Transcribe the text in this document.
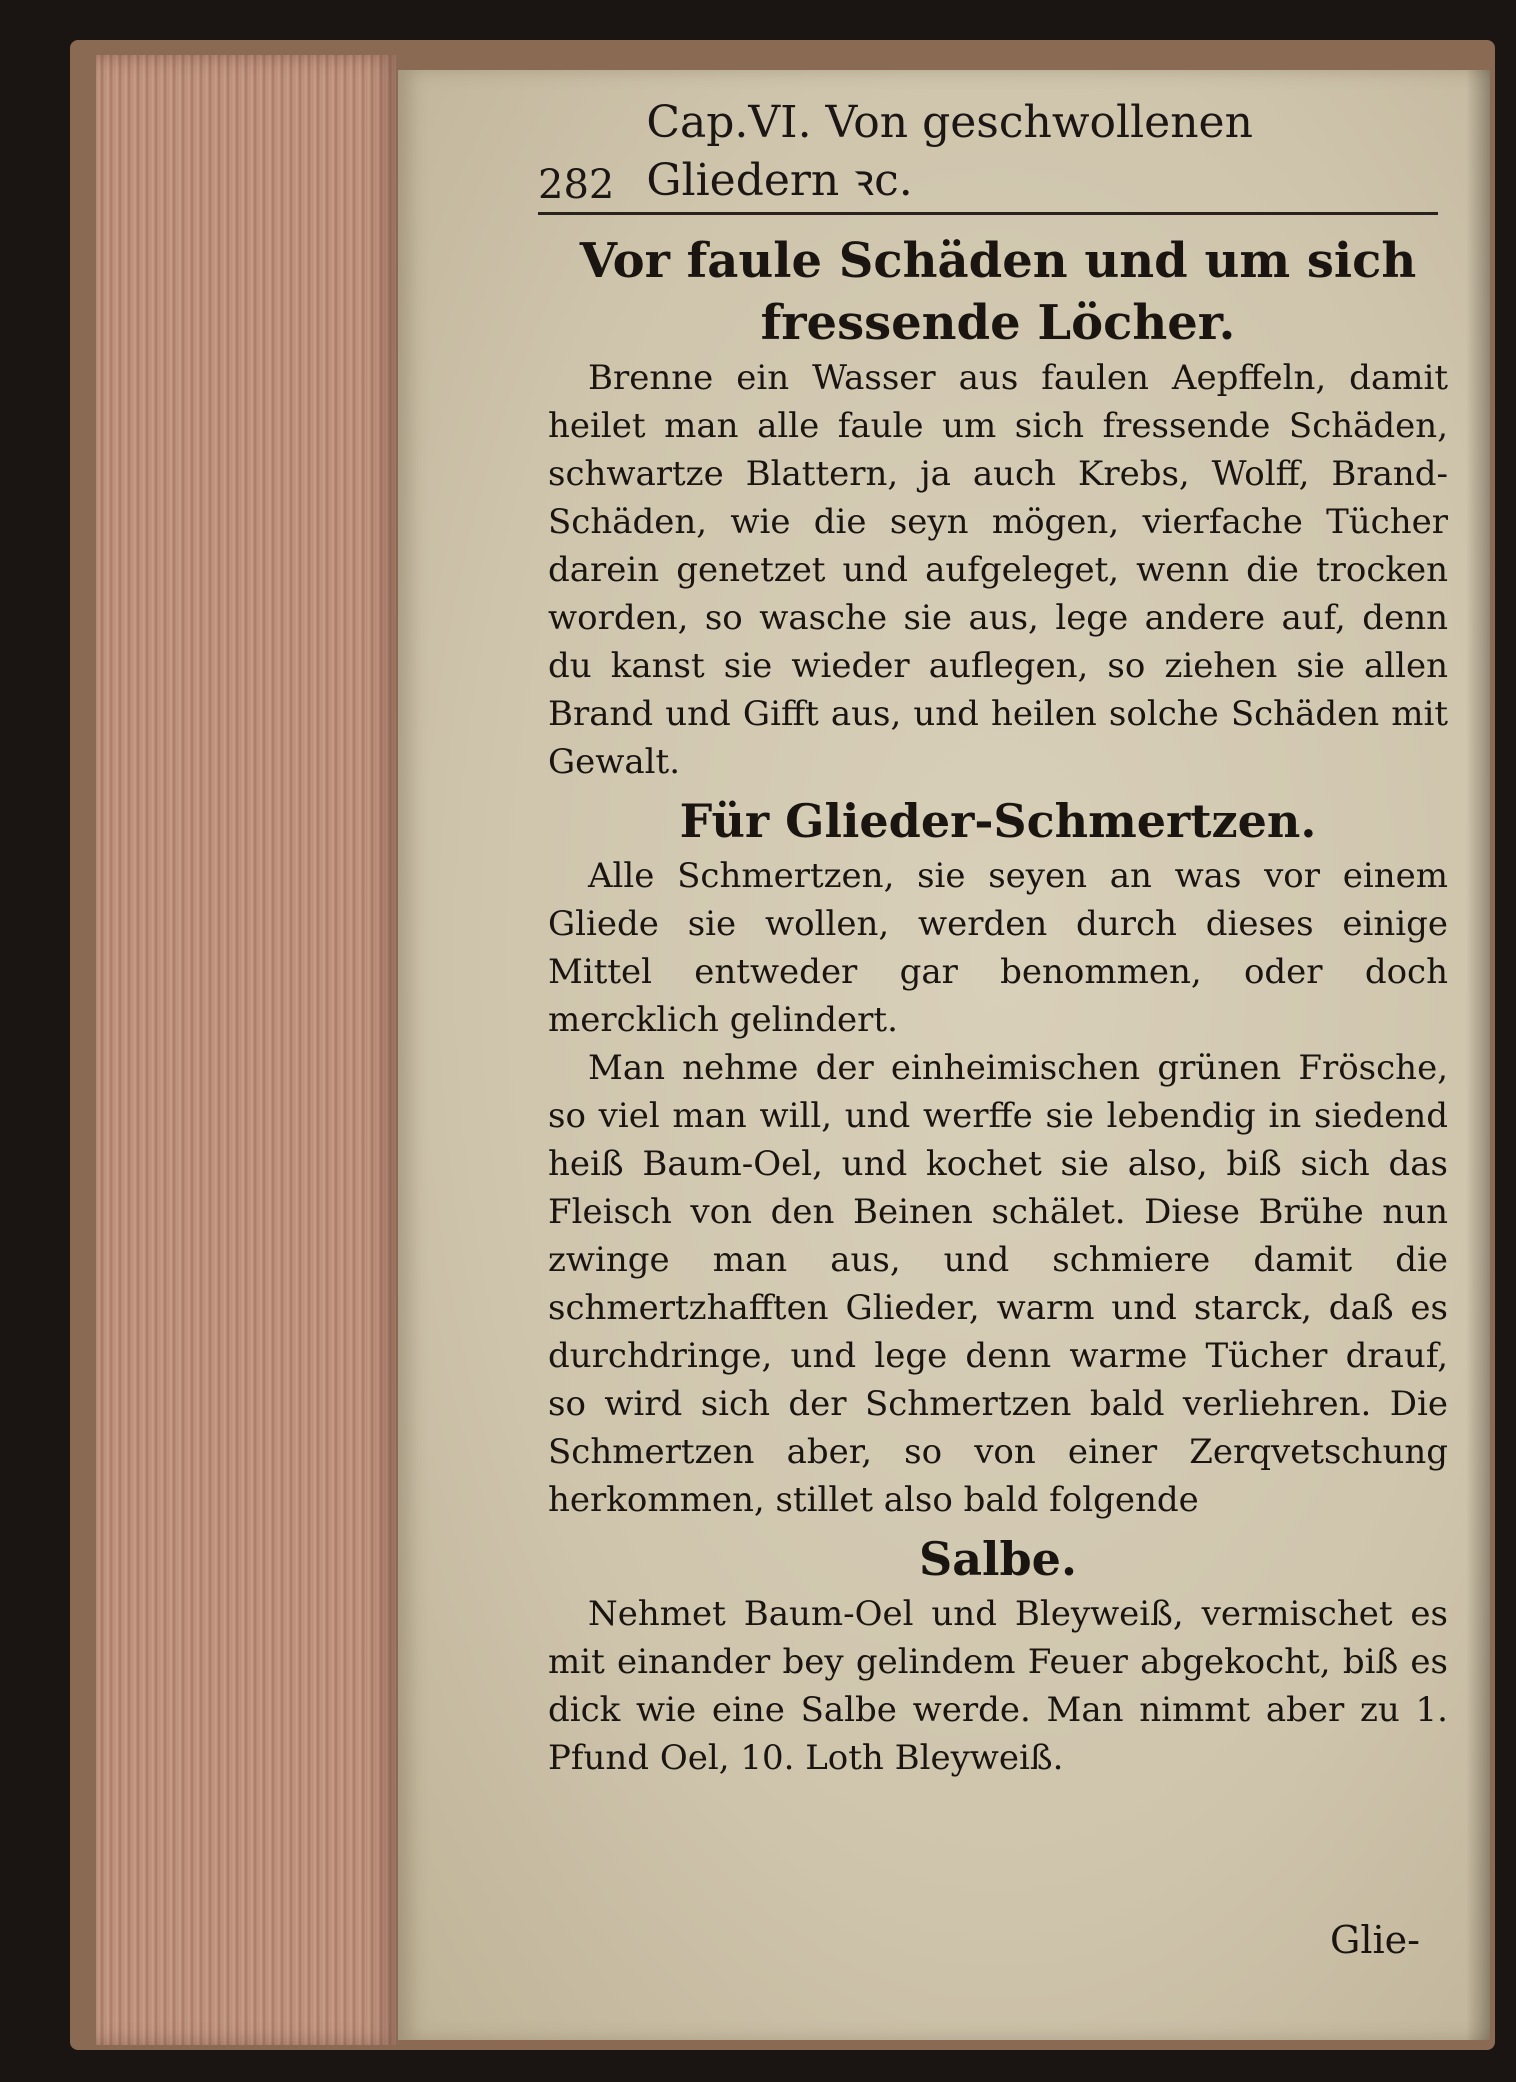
282
Cap.VI. Von geschwollenen Gliedern ꝛc.
Vor faule Schäden und um sich fressende Löcher.

Brenne ein Wasser aus faulen Aepffeln, damit heilet man alle faule um sich fressende Schäden, schwartze Blattern, ja auch Krebs, Wolff, Brand-Schäden, wie die seyn mögen, vierfache Tücher darein genetzet und aufgeleget, wenn die trocken worden, so wasche sie aus, lege andere auf, denn du kanst sie wieder auflegen, so ziehen sie allen Brand und Gifft aus, und heilen solche Schäden mit Gewalt.

Für Glieder-Schmertzen.

Alle Schmertzen, sie seyen an was vor einem Gliede sie wollen, werden durch dieses einige Mittel entweder gar benommen, oder doch mercklich gelindert.

Man nehme der einheimischen grünen Frösche, so viel man will, und werffe sie lebendig in siedend heiß Baum-Oel, und kochet sie also, biß sich das Fleisch von den Beinen schälet. Diese Brühe nun zwinge man aus, und schmiere damit die schmertzhafften Glieder, warm und starck, daß es durchdringe, und lege denn warme Tücher drauf, so wird sich der Schmertzen bald verliehren. Die Schmertzen aber, so von einer Zerqvetschung herkommen, stillet also bald folgende

Salbe.

Nehmet Baum-Oel und Bleyweiß, vermischet es mit einander bey gelindem Feuer abgekocht, biß es dick wie eine Salbe werde. Man nimmt aber zu 1. Pfund Oel, 10. Loth Bleyweiß.

Glie-
